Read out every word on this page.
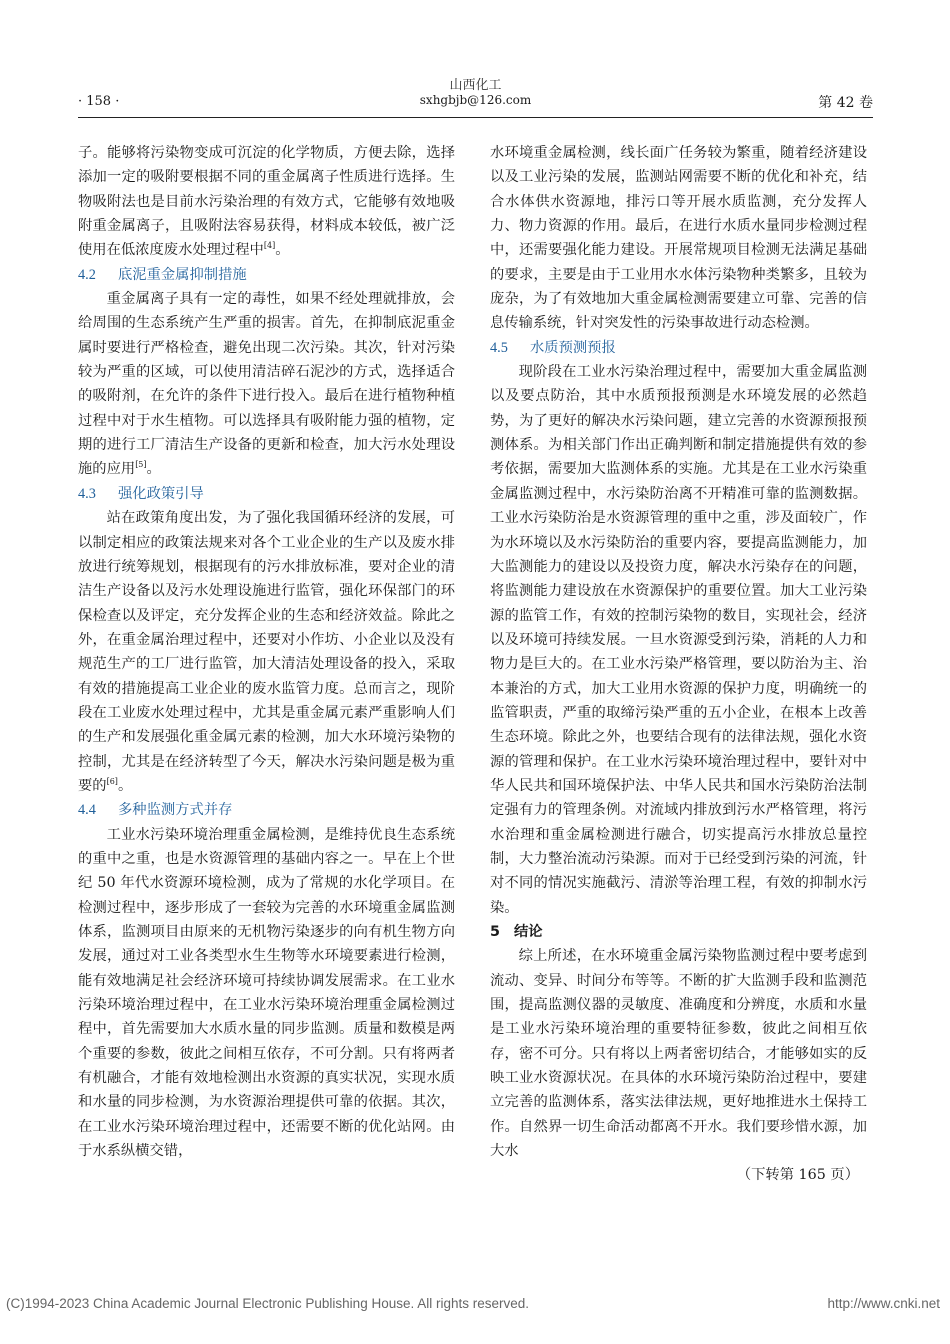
· 158 ·
山西化工
sxhgbjb@126.com	第 42 卷

子。能够将污染物变成可沉淀的化学物质，方便去除，选择添加一定的吸附要根据不同的重金属离子性质进行选择。生物吸附法也是目前水污染治理的有效方式，它能够有效地吸附重金属离子，且吸附法容易获得，材料成本较低，被广泛使用在低浓度废水处理过程中[4]。

4.2 底泥重金属抑制措施

重金属离子具有一定的毒性，如果不经处理就排放，会给周围的生态系统产生严重的损害。首先，在抑制底泥重金属时要进行严格检查，避免出现二次污染。其次，针对污染较为严重的区域，可以使用清洁碎石泥沙的方式，选择适合的吸附剂，在允许的条件下进行投入。最后在进行植物种植过程中对于水生植物。可以选择具有吸附能力强的植物，定期的进行工厂清洁生产设备的更新和检查，加大污水处理设施的应用[5]。

4.3 强化政策引导

站在政策角度出发，为了强化我国循环经济的发展，可以制定相应的政策法规来对各个工业企业的生产以及废水排放进行统筹规划，根据现有的污水排放标准，要对企业的清洁生产设备以及污水处理设施进行监管，强化环保部门的环保检查以及评定，充分发挥企业的生态和经济效益。除此之外，在重金属治理过程中，还要对小作坊、小企业以及没有规范生产的工厂进行监管，加大清洁处理设备的投入，采取有效的措施提高工业企业的废水监管力度。总而言之，现阶段在工业废水处理过程中，尤其是重金属元素严重影响人们的生产和发展强化重金属元素的检测，加大水环境污染物的控制，尤其是在经济转型了今天，解决水污染问题是极为重要的[6]。

4.4 多种监测方式并存

工业水污染环境治理重金属检测，是维持优良生态系统的重中之重，也是水资源管理的基础内容之一。早在上个世纪 50 年代水资源环境检测，成为了常规的水化学项目。在检测过程中，逐步形成了一套较为完善的水环境重金属监测体系，监测项目由原来的无机物污染逐步的向有机生物方向发展，通过对工业各类型水生生物等水环境要素进行检测，能有效地满足社会经济环境可持续协调发展需求。在工业水污染环境治理过程中，在工业水污染环境治理重金属检测过程中，首先需要加大水质水量的同步监测。质量和数模是两个重要的参数，彼此之间相互依存，不可分割。只有将两者有机融合，才能有效地检测出水资源的真实状况，实现水质和水量的同步检测，为水资源治理提供可靠的依据。其次，在工业水污染环境治理过程中，还需要不断的优化站网。由于水系纵横交错，

水环境重金属检测，线长面广任务较为繁重，随着经济建设以及工业污染的发展，监测站网需要不断的优化和补充，结合水体供水资源地，排污口等开展水质监测，充分发挥人力、物力资源的作用。最后，在进行水质水量同步检测过程中，还需要强化能力建设。开展常规项目检测无法满足基础的要求，主要是由于工业用水水体污染物种类繁多，且较为庞杂，为了有效地加大重金属检测需要建立可靠、完善的信息传输系统，针对突发性的污染事故进行动态检测。

4.5 水质预测预报

现阶段在工业水污染治理过程中，需要加大重金属监测以及要点防治，其中水质预报预测是水环境发展的必然趋势，为了更好的解决水污染问题，建立完善的水资源预报预测体系。为相关部门作出正确判断和制定措施提供有效的参考依据，需要加大监测体系的实施。尤其是在工业水污染重金属监测过程中，水污染防治离不开精准可靠的监测数据。工业水污染防治是水资源管理的重中之重，涉及面较广，作为水环境以及水污染防治的重要内容，要提高监测能力，加大监测能力的建设以及投资力度，解决水污染存在的问题，将监测能力建设放在水资源保护的重要位置。加大工业污染源的监管工作，有效的控制污染物的数目，实现社会，经济以及环境可持续发展。一旦水资源受到污染，消耗的人力和物力是巨大的。在工业水污染严格管理，要以防治为主、治本兼治的方式，加大工业用水资源的保护力度，明确统一的监管职责，严重的取缔污染严重的五小企业，在根本上改善生态环境。除此之外，也要结合现有的法律法规，强化水资源的管理和保护。在工业水污染环境治理过程中，要针对中华人民共和国环境保护法、中华人民共和国水污染防治法制定强有力的管理条例。对流域内排放到污水严格管理，将污水治理和重金属检测进行融合，切实提高污水排放总量控制，大力整治流动污染源。而对于已经受到污染的河流，针对不同的情况实施截污、清淤等治理工程，有效的抑制水污染。

5 结论

综上所述，在水环境重金属污染物监测过程中要考虑到流动、变异、时间分布等等。不断的扩大监测手段和监测范围，提高监测仪器的灵敏度、准确度和分辨度，水质和水量是工业水污染环境治理的重要特征参数，彼此之间相互依存，密不可分。只有将以上两者密切结合，才能够如实的反映工业水资源状况。在具体的水环境污染防治过程中，要建立完善的监测体系，落实法律法规，更好地推进水土保持工作。自然界一切生命活动都离不开水。我们要珍惜水源，加大水

（下转第 165 页）

(C)1994-2023 China Academic Journal Electronic Publishing House. All rights reserved.	http://www.cnki.net
